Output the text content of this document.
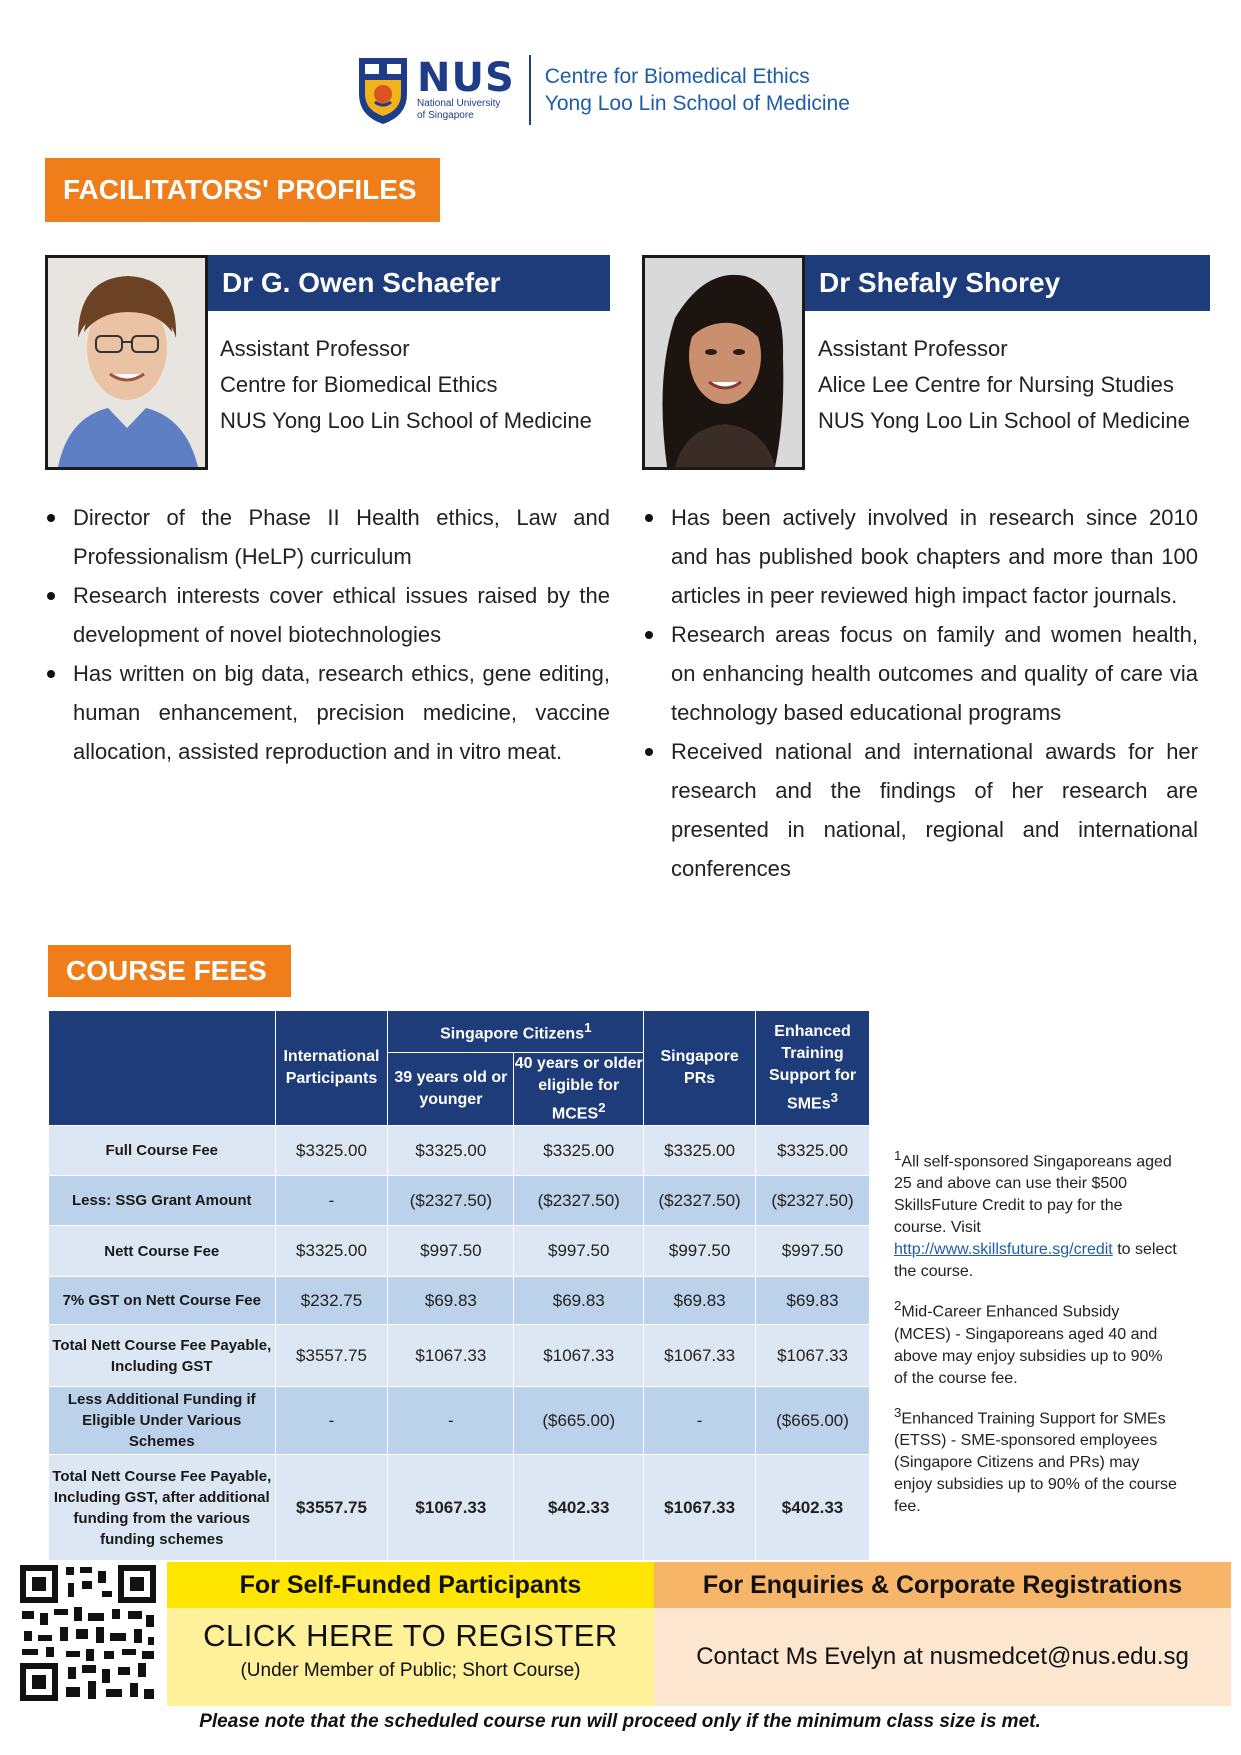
NUS
National University
of Singapore
Centre for Biomedical Ethics
Yong Loo Lin School of Medicine
FACILITATORS' PROFILES
Dr G. Owen Schaefer
Assistant Professor
Centre for Biomedical Ethics
NUS Yong Loo Lin School of Medicine
Director of the Phase II Health ethics, Law and Professionalism (HeLP) curriculum
Research interests cover ethical issues raised by the development of novel biotechnologies
Has written on big data, research ethics, gene editing, human enhancement, precision medicine, vaccine allocation, assisted reproduction and in vitro meat.
Dr Shefaly Shorey
Assistant Professor
Alice Lee Centre for Nursing Studies
NUS Yong Loo Lin School of Medicine
Has been actively involved in research since 2010 and has published book chapters and more than 100 articles in peer reviewed high impact factor journals.
Research areas focus on family and women health, on enhancing health outcomes and quality of care via technology based educational programs
Received national and international awards for her research and the findings of her research are presented in national, regional and international conferences
COURSE FEES
	International Participants	Singapore Citizens$^1$		Singapore PRs	Enhanced Training Support for SMEs$^3$
		39 years old or younger	40 years or older eligible for MCES$^2$
Full Course Fee	$3325.00	$3325.00	$3325.00	$3325.00	$3325.00
Less: SSG Grant Amount	-	($2327.50)	($2327.50)	($2327.50)	($2327.50)
Nett Course Fee	$3325.00	$997.50	$997.50	$997.50	$997.50
7% GST on Nett Course Fee	$232.75	$69.83	$69.83	$69.83	$69.83
Total Nett Course Fee Payable, Including GST	$3557.75	$1067.33	$1067.33	$1067.33	$1067.33
Less Additional Funding if Eligible Under Various Schemes	-	-	($665.00)	-	($665.00)
Total Nett Course Fee Payable, Including GST, after additional funding from the various funding schemes	$3557.75	$1067.33	$402.33	$1067.33	$402.33

$^1$All self-sponsored Singaporeans aged 25 and above can use their $500 SkillsFuture Credit to pay for the course. Visit http://www.skillsfuture.sg/credit to select the course.

$^2$Mid-Career Enhanced Subsidy (MCES) - Singaporeans aged 40 and above may enjoy subsidies up to 90% of the course fee.

$^3$Enhanced Training Support for SMEs (ETSS) - SME-sponsored employees (Singapore Citizens and PRs) may enjoy subsidies up to 90% of the course fee.

For Self-Funded Participants
CLICK HERE TO REGISTER
(Under Member of Public; Short Course)
For Enquiries & Corporate Registrations
Contact Ms Evelyn at nusmedcet@nus.edu.sg
Please note that the scheduled course run will proceed only if the minimum class size is met.
